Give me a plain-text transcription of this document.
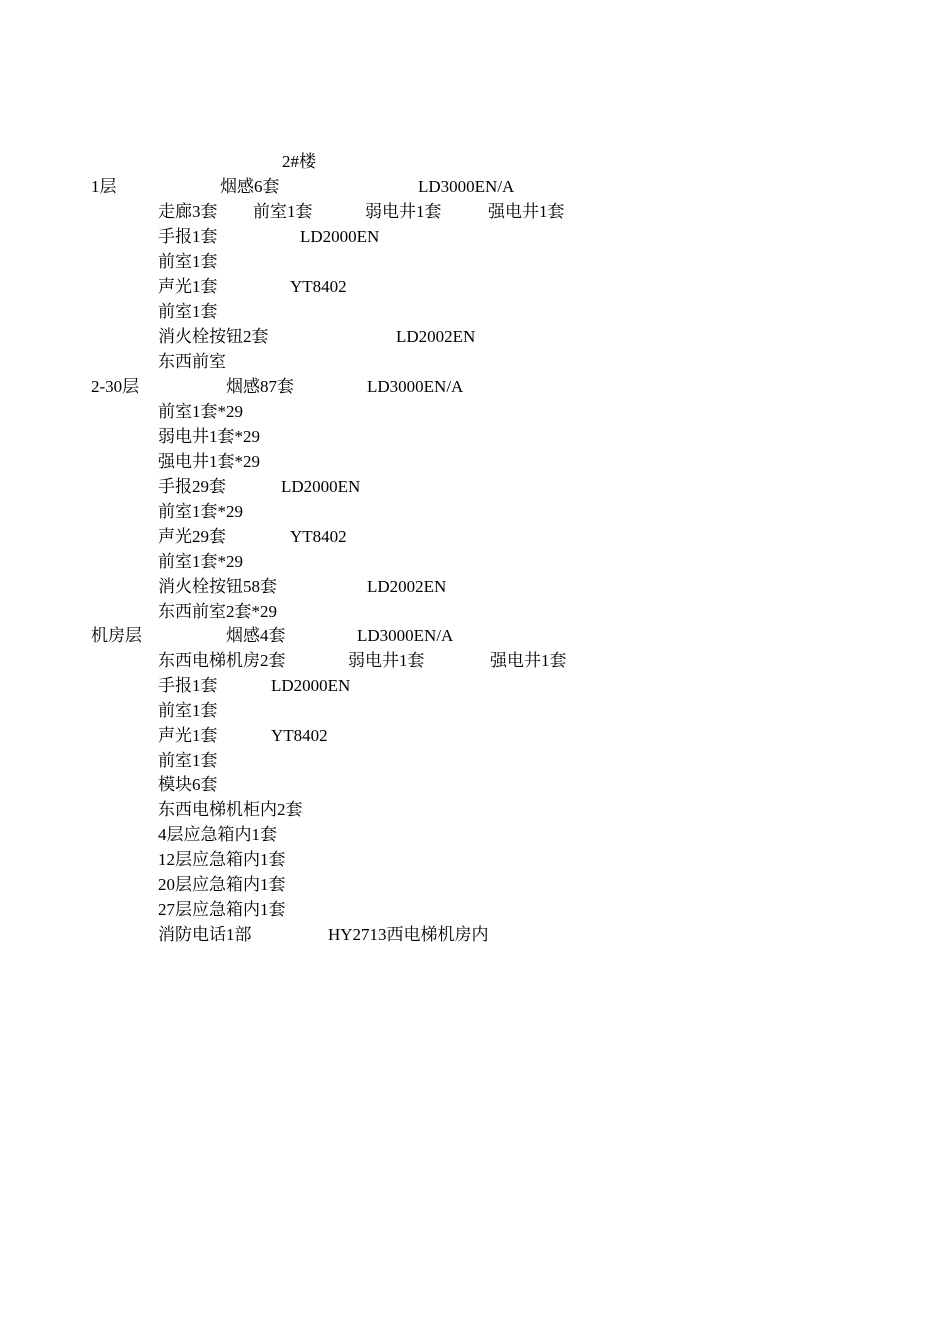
2#楼
1层	烟感6套	LD3000EN/A
走廊3套 前室1套	弱电井1套	强电井1套
手报1套	LD2000EN
前室1套
声光1套	YT8402
前室1套
消火栓按钮2套	LD2002EN
东西前室
2-30层	烟感87套	LD3000EN/A
前室1套*29
弱电井1套*29
强电井1套*29
手报29套	LD2000EN
前室1套*29
声光29套	YT8402
前室1套*29
消火栓按钮58套	LD2002EN
东西前室2套*29
机房层	烟感4套	LD3000EN/A
东西电梯机房2套	弱电井1套	强电井1套
手报1套	LD2000EN
前室1套
声光1套	YT8402
前室1套
模块6套
东西电梯机柜内2套
4层应急箱内1套
12层应急箱内1套
20层应急箱内1套
27层应急箱内1套
消防电话1部	HY2713西电梯机房内
